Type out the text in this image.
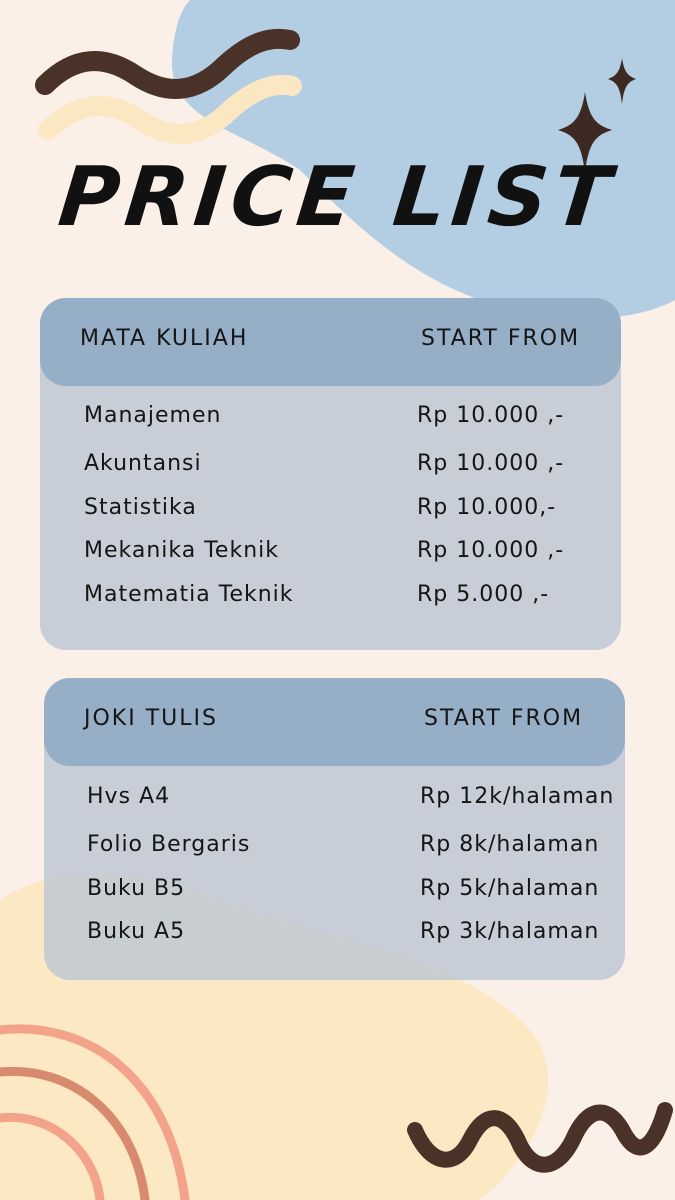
PRICE LIST
MATA KULIAH	START FROM
Manajemen	Rp 10.000 ,-
Akuntansi	Rp 10.000 ,-
Statistika	Rp 10.000,-
Mekanika Teknik	Rp 10.000 ,-
Matematia Teknik	Rp 5.000 ,-
JOKI TULIS	START FROM
Hvs A4	Rp 12k/halaman
Folio Bergaris	Rp 8k/halaman
Buku B5	Rp 5k/halaman
Buku A5	Rp 3k/halaman
